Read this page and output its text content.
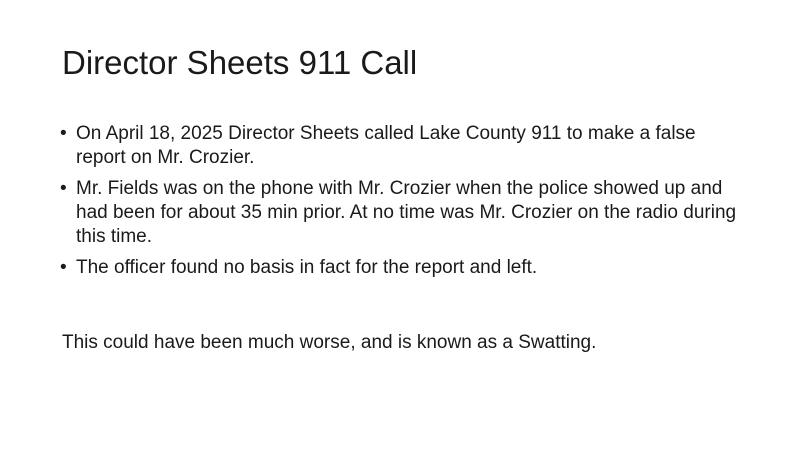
Director Sheets 911 Call
• On April 18, 2025 Director Sheets called Lake County 911 to make a false report on Mr. Crozier.
• Mr. Fields was on the phone with Mr. Crozier when the police showed up and had been for about 35 min prior. At no time was Mr. Crozier on the radio during this time.
• The officer found no basis in fact for the report and left.

This could have been much worse, and is known as a Swatting.
